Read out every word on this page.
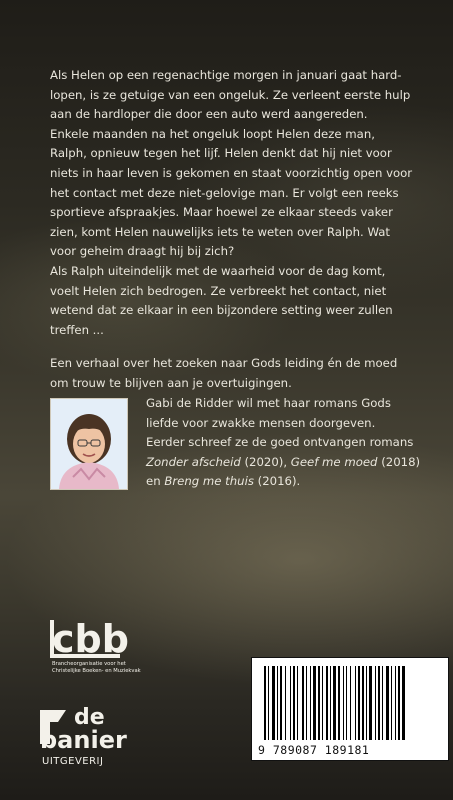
Als Helen op een regenachtige morgen in januari gaat hard-
lopen, is ze getuige van een ongeluk. Ze verleent eerste hulp
aan de hardloper die door een auto werd aangereden.
Enkele maanden na het ongeluk loopt Helen deze man,
Ralph, opnieuw tegen het lijf. Helen denkt dat hij niet voor
niets in haar leven is gekomen en staat voorzichtig open voor
het contact met deze niet-gelovige man. Er volgt een reeks
sportieve afspraakjes. Maar hoewel ze elkaar steeds vaker
zien, komt Helen nauwelijks iets te weten over Ralph. Wat
voor geheim draagt hij bij zich?
Als Ralph uiteindelijk met de waarheid voor de dag komt,
voelt Helen zich bedrogen. Ze verbreekt het contact, niet
wetend dat ze elkaar in een bijzondere setting weer zullen
treffen ...

Een verhaal over het zoeken naar Gods leiding én de moed
om trouw te blijven aan je overtuigingen.

Gabi de Ridder wil met haar romans Gods
liefde voor zwakke mensen doorgeven.
Eerder schreef ze de goed ontvangen romans
Zonder afscheid (2020), Geef me moed (2018)
en Breng me thuis (2016).
cbb
Brancheorganisatie voor het
Christelijke Boeken- en Muziekvak
de
banier
UITGEVERIJ
9 789087 189181
